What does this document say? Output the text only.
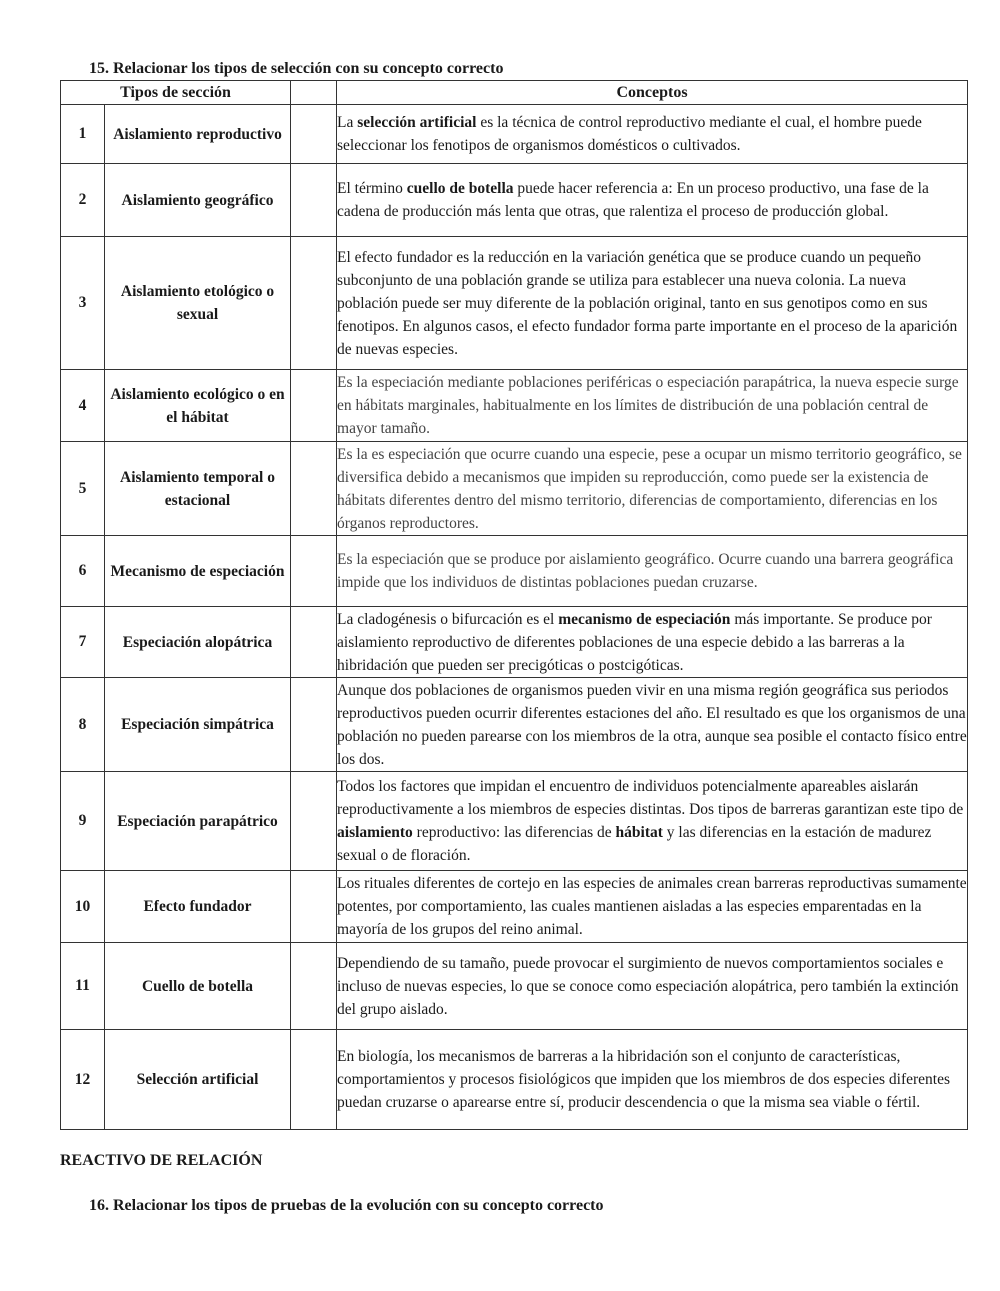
15. Relacionar los tipos de selección con su concepto correcto
Tipos de sección			Conceptos
1	Aislamiento reproductivo		La selección artificial es la técnica de control reproductivo mediante el cual, el hombre puede seleccionar los fenotipos de organismos domésticos o cultivados.
2	Aislamiento geográfico		El término cuello de botella puede hacer referencia a: En un proceso productivo, una fase de la cadena de producción más lenta que otras, que ralentiza el proceso de producción global.
3	Aislamiento etológico o sexual		El efecto fundador es la reducción en la variación genética que se produce cuando un pequeño subconjunto de una población grande se utiliza para establecer una nueva colonia. La nueva población puede ser muy diferente de la población original, tanto en sus genotipos como en sus fenotipos. En algunos casos, el efecto fundador forma parte importante en el proceso de la aparición de nuevas especies.
4	Aislamiento ecológico o en el hábitat		Es la especiación mediante poblaciones periféricas o especiación parapátrica, la nueva especie surge en hábitats marginales, habitualmente en los límites de distribución de una población central de mayor tamaño.
5	Aislamiento temporal o estacional		Es la es especiación que ocurre cuando una especie, pese a ocupar un mismo territorio geográfico, se diversifica debido a mecanismos que impiden su reproducción, como puede ser la existencia de hábitats diferentes dentro del mismo territorio, diferencias de comportamiento, diferencias en los órganos reproductores.
6	Mecanismo de especiación		Es la especiación que se produce por aislamiento geográfico. Ocurre cuando una barrera geográfica impide que los individuos de distintas poblaciones puedan cruzarse.
7	Especiación alopátrica		La cladogénesis o bifurcación es el mecanismo de especiación más importante. Se produce por aislamiento reproductivo de diferentes poblaciones de una especie debido a las barreras a la hibridación que pueden ser precigóticas o postcigóticas.
8	Especiación simpátrica		Aunque dos poblaciones de organismos pueden vivir en una misma región geográfica sus periodos reproductivos pueden ocurrir diferentes estaciones del año. El resultado es que los organismos de una población no pueden parearse con los miembros de la otra, aunque sea posible el contacto físico entre los dos.
9	Especiación parapátrico		Todos los factores que impidan el encuentro de individuos potencialmente apareables aislarán reproductivamente a los miembros de especies distintas. Dos tipos de barreras garantizan este tipo de aislamiento reproductivo: las diferencias de hábitat y las diferencias en la estación de madurez sexual o de floración.
10	Efecto fundador		Los rituales diferentes de cortejo en las especies de animales crean barreras reproductivas sumamente potentes, por comportamiento, las cuales mantienen aisladas a las especies emparentadas en la mayoría de los grupos del reino animal.
11	Cuello de botella		Dependiendo de su tamaño, puede provocar el surgimiento de nuevos comportamientos sociales e incluso de nuevas especies, lo que se conoce como especiación alopátrica, pero también la extinción del grupo aislado.
12	Selección artificial		En biología, los mecanismos de barreras a la hibridación son el conjunto de características, comportamientos y procesos fisiológicos que impiden que los miembros de dos especies diferentes puedan cruzarse o aparearse entre sí, producir descendencia o que la misma sea viable o fértil.
REACTIVO DE RELACIÓN
16. Relacionar los tipos de pruebas de la evolución con su concepto correcto
